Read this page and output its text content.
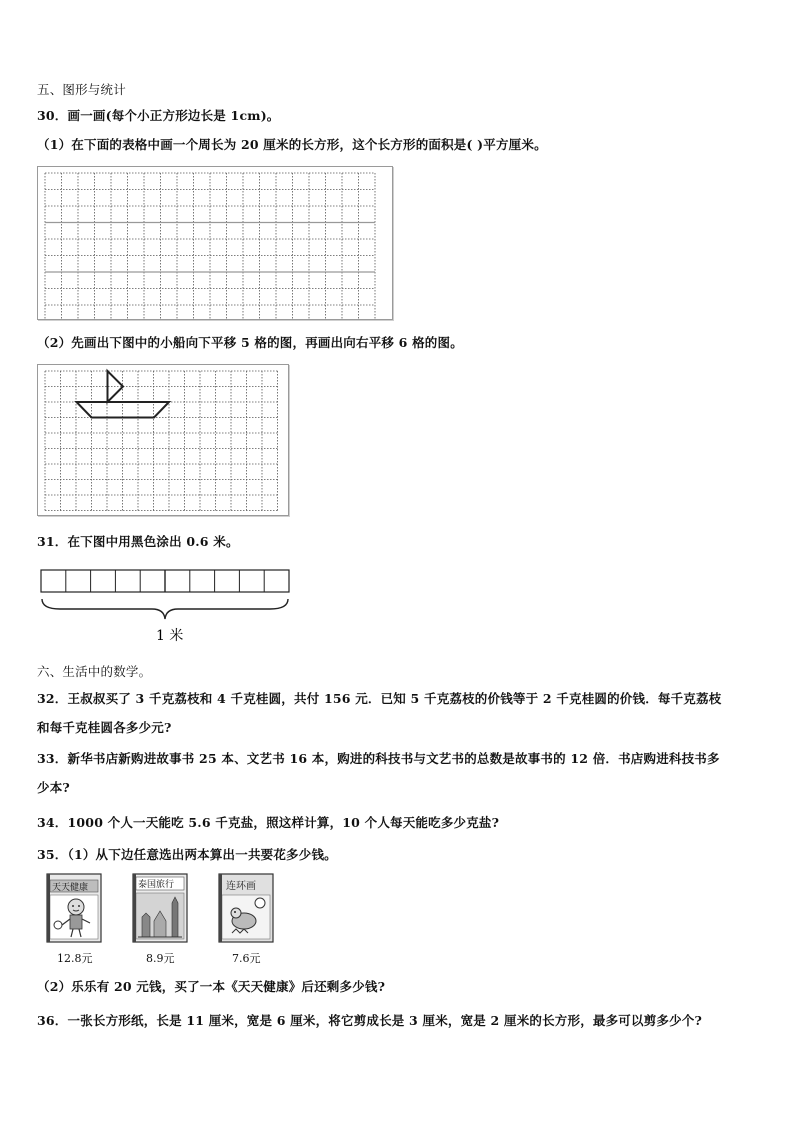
五、图形与统计
30．画一画(每个小正方形边长是 1cm)。
（1）在下面的表格中画一个周长为 20 厘米的长方形，这个长方形的面积是( )平方厘米。
（2）先画出下图中的小船向下平移 5 格的图，再画出向右平移 6 格的图。
31．在下图中用黑色涂出 0.6 米。
1 米
六、生活中的数学。
32．王叔叔买了 3 千克荔枝和 4 千克桂圆，共付 156 元．已知 5 千克荔枝的价钱等于 2 千克桂圆的价钱．每千克荔枝
和每千克桂圆各多少元?
33．新华书店新购进故事书 25 本、文艺书 16 本，购进的科技书与文艺书的总数是故事书的 12 倍．书店购进科技书多
少本?
34．1000 个人一天能吃 5.6 千克盐，照这样计算，10 个人每天能吃多少克盐?
35．（1）从下边任意选出两本算出一共要花多少钱。
天天健康
12.8元
泰国旅行
8.9元
连环画
7.6元
（2）乐乐有 20 元钱，买了一本《天天健康》后还剩多少钱?
36．一张长方形纸，长是 11 厘米，宽是 6 厘米，将它剪成长是 3 厘米，宽是 2 厘米的长方形，最多可以剪多少个?
